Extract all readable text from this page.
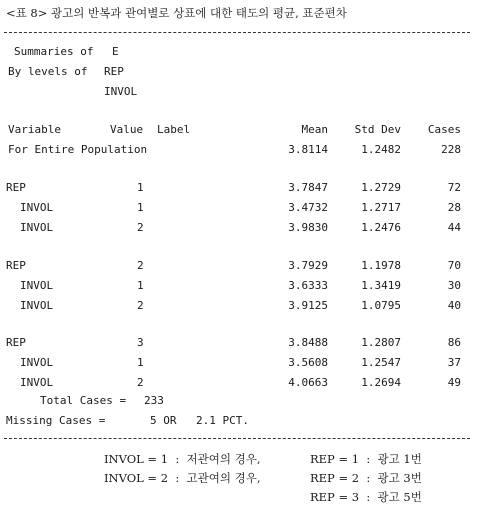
<표 8> 광고의 반복과 관여별로 상표에 대한 태도의 평균, 표준편차
Summaries of E
By levels of REP
INVOL
Variable	Value Label	Mean	Std Dev	Cases
For Entire Population	3.8114	1.2482	228
REP	1	3.7847	1.2729	72
INVOL	1	3.4732	1.2717	28
INVOL	2	3.9830	1.2476	44
REP	2	3.7929	1.1978	70
INVOL	1	3.6333	1.3419	30
INVOL	2	3.9125	1.0795	40
REP	3	3.8488	1.2807	86
INVOL	1	3.5608	1.2547	37
INVOL	2	4.0663	1.2694	49
Total Cases = 233
Missing Cases =	5 OR 2.1 PCT.
INVOL = 1  :  저관여의 경우,	REP = 1  :  광고 1번
INVOL = 2  :  고관여의 경우,	REP = 2  :  광고 3번
REP = 3  :  광고 5번
